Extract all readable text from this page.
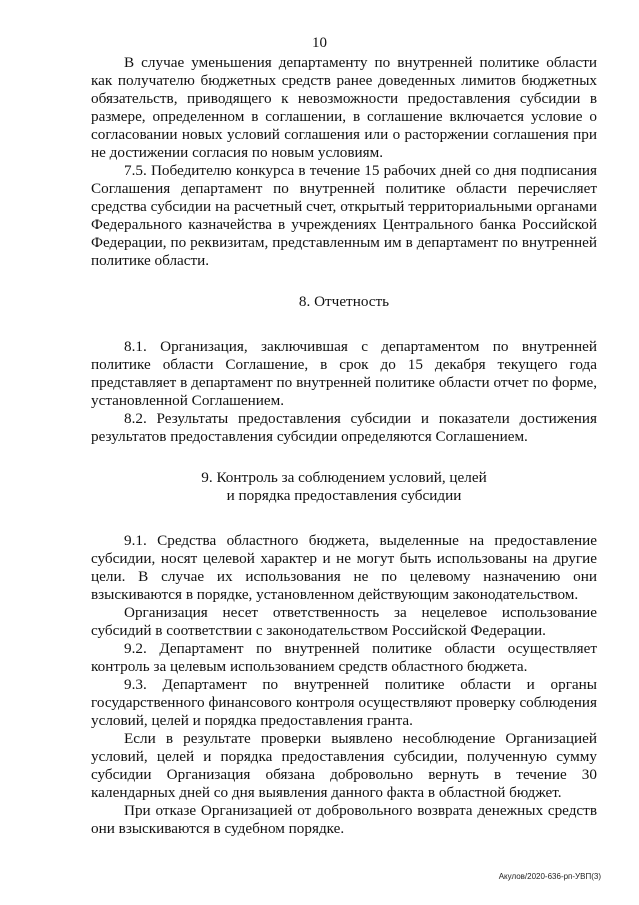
10

В случае уменьшения департаменту по внутренней политике области как получателю бюджетных средств ранее доведенных лимитов бюджетных обязательств, приводящего к невозможности предоставления субсидии в размере, определенном в соглашении, в соглашение включается условие о согласовании новых условий соглашения или о расторжении соглашения при не достижении согласия по новым условиям.

7.5. Победителю конкурса в течение 15 рабочих дней со дня подписания Соглашения департамент по внутренней политике области перечисляет средства субсидии на расчетный счет, открытый территориальными органами Федерального казначейства в учреждениях Центрального банка Российской Федерации, по реквизитам, представленным им в департамент по внутренней политике области.

8. Отчетность

8.1. Организация, заключившая с департаментом по внутренней политике области Соглашение, в срок до 15 декабря текущего года представляет в департамент по внутренней политике области отчет по форме, установленной Соглашением.

8.2. Результаты предоставления субсидии и показатели достижения результатов предоставления субсидии определяются Соглашением.

9. Контроль за соблюдением условий, целей

и порядка предоставления субсидии

9.1. Средства областного бюджета, выделенные на предоставление субсидии, носят целевой характер и не могут быть использованы на другие цели. В случае их использования не по целевому назначению они взыскиваются в порядке, установленном действующим законодательством.

Организация несет ответственность за нецелевое использование субсидий в соответствии с законодательством Российской Федерации.

9.2. Департамент по внутренней политике области осуществляет контроль за целевым использованием средств областного бюджета.

9.3. Департамент по внутренней политике области и органы государственного финансового контроля осуществляют проверку соблюдения условий, целей и порядка предоставления гранта.

Если в результате проверки выявлено несоблюдение Организацией условий, целей и порядка предоставления субсидии, полученную сумму субсидии Организация обязана добровольно вернуть в течение 30 календарных дней со дня выявления данного факта в областной бюджет.

При отказе Организацией от добровольного возврата денежных средств они взыскиваются в судебном порядке.

Акулов/2020-636-рп-УВП(3)
